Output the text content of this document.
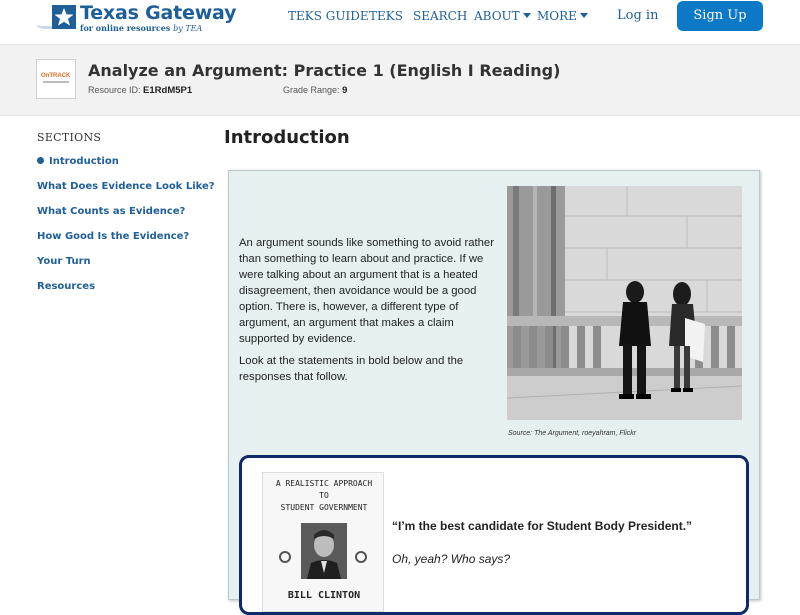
Texas Gateway
for online resources by TEA
TEKS GUIDE TEKS SEARCH ABOUT	MORE	Log in	Sign Up
OnTRACK Analyze an Argument: Practice 1 (English I Reading)
Resource ID: E1RdM5P1	Grade Range: 9
SECTIONS
Introduction
What Does Evidence Look Like?
What Counts as Evidence?
How Good Is the Evidence?
Your Turn
Resources
Introduction

An argument sounds like something to avoid rather than something to learn about and practice. If we were talking about an argument that is a heated disagreement, then avoidance would be a good option. There is, however, a different type of argument, an argument that makes a claim supported by evidence.

Look at the statements in bold below and the responses that follow.

Source: The Argument, roeyahram, Flickr
A REALISTIC APPROACH
TO
STUDENT GOVERNMENT
BILL CLINTON
“I’m the best candidate for Student Body President.”
Oh, yeah? Who says?
